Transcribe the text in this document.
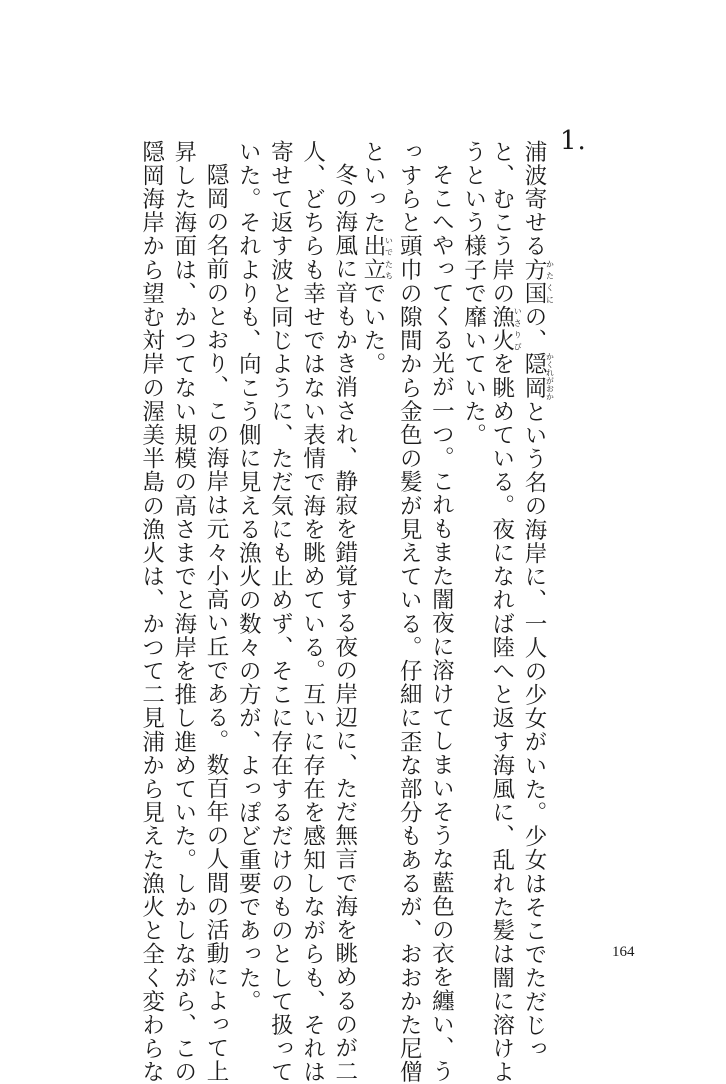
1.
浦波寄せる方国かたくにの、隠岡かくれがおかという名の海岸に、一人の少女がいた。少女はそこでただじっ
と、むこう岸の漁火いさりびを眺めている。夜になれば陸へと返す海風に、乱れた髪は闇に溶けよ
うという様子で靡いていた。
そこへやってくる光が一つ。これもまた闇夜に溶けてしまいそうな藍色の衣を纏い、う
っすらと頭巾の隙間から金色の髪が見えている。仔細に歪な部分もあるが、おおかた尼僧
といった出立いでたちでいた。
冬の海風に音もかき消され、静寂を錯覚する夜の岸辺に、ただ無言で海を眺めるのが二
人、どちらも幸せではない表情で海を眺めている。互いに存在を感知しながらも、それは
寄せて返す波と同じように、ただ気にも止めず、そこに存在するだけのものとして扱って
いた。それよりも、向こう側に見える漁火の数々の方が、よっぽど重要であった。
隠岡の名前のとおり、この海岸は元々小高い丘である。数百年の人間の活動によって上
昇した海面は、かつてない規模の高さまでと海岸を推し進めていた。しかしながら、この
隠岡海岸から望む対岸の渥美半島の漁火は、かつて二見浦から見えた漁火と全く変わらな	164
